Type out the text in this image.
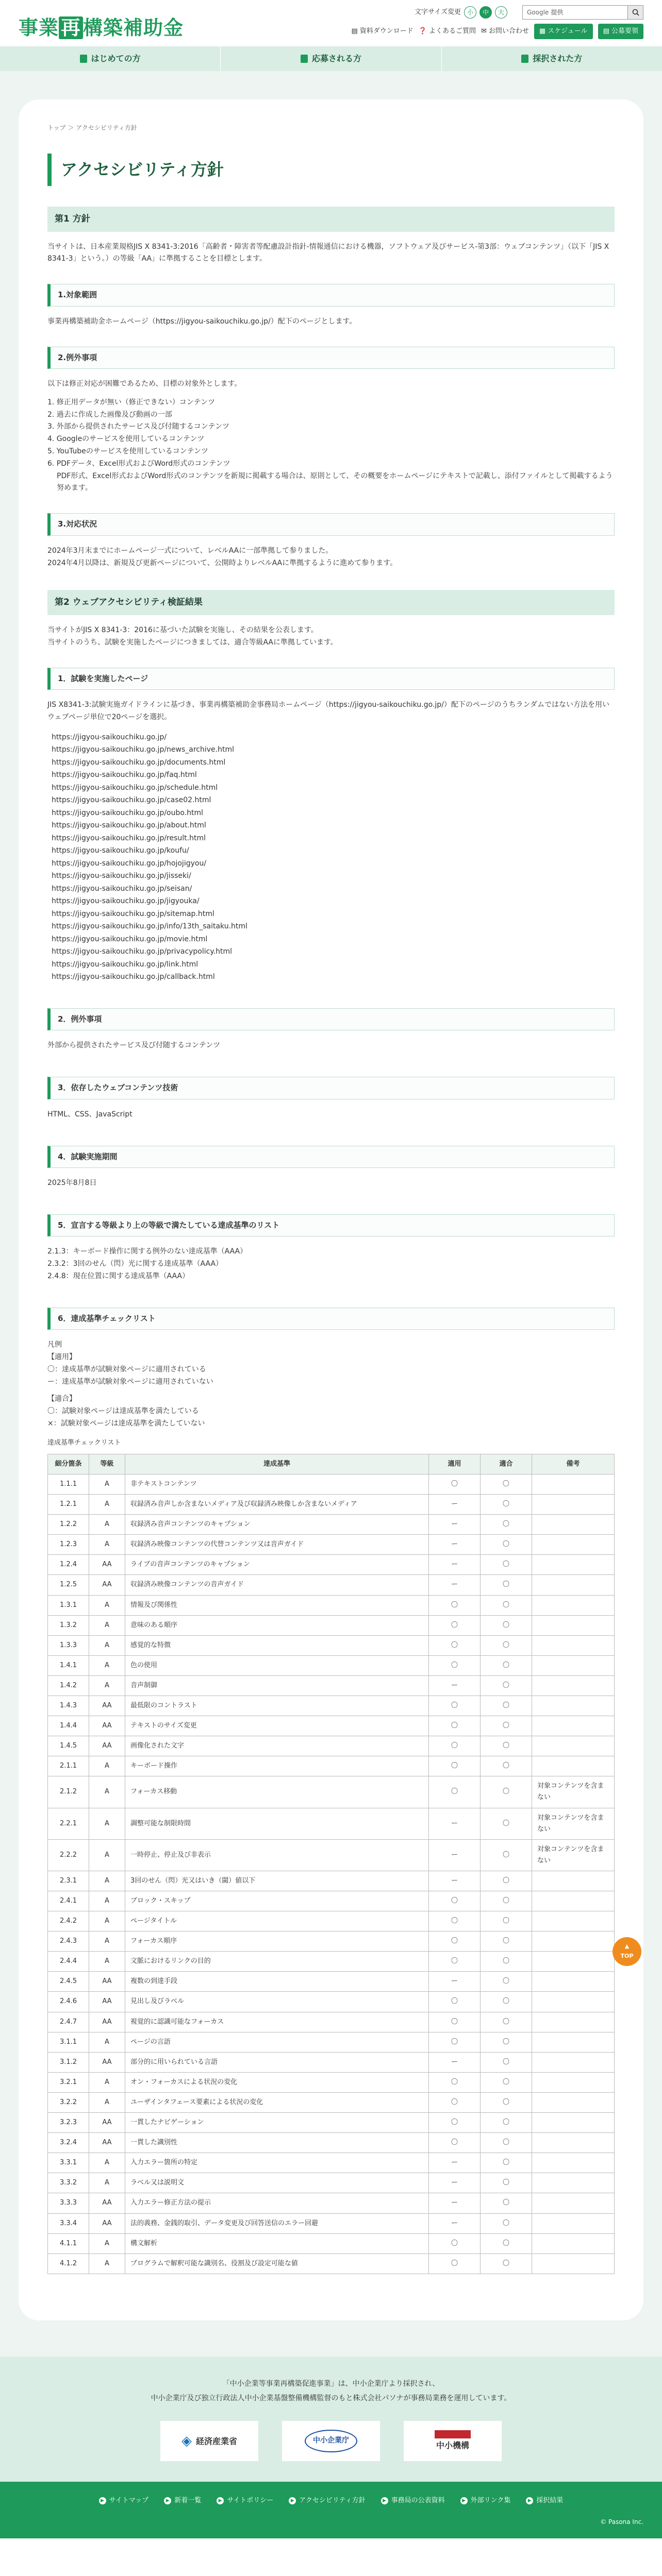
事業 再 構築補助金
文字サイズ変更 小	中	大	Google 提供
▤ 資料ダウンロード ❓ よくあるご質問 ✉ お問い合わせ	▦ スケジュール	▤ 公募要領
はじめての方	応募される方	採択された方
トップ ＞ アクセシビリティ方針
アクセシビリティ方針
第1 方針

当サイトは、日本産業規格JIS X 8341-3:2016「高齢者・障害者等配慮設計指針-情報通信における機器，ソフトウェア及びサービス-第3部：ウェブコンテンツ」（以下「JIS X 8341-3」という。）の等級「AA」に準拠することを目標とします。

1.対象範囲

事業再構築補助金ホームページ（https://jigyou-saikouchiku.go.jp/）配下のページとします。

2.例外事項

以下は修正対応が困難であるため、目標の対象外とします。

1. 修正用データが無い（修正できない）コンテンツ
2. 過去に作成した画像及び動画の一部
3. 外部から提供されたサービス及び付随するコンテンツ
4. Googleのサービスを使用しているコンテンツ
5. YouTubeのサービスを使用しているコンテンツ
6. PDFデータ、Excel形式およびWord形式のコンテンツ
PDF形式、Excel形式およびWord形式のコンテンツを新規に掲載する場合は、原則として、その概要をホームページにテキストで記載し、添付ファイルとして掲載するよう努めます。
3.対応状況
2024年3月末までにホームページ一式について、レベルAAに一部準拠して参りました。
2024年4月以降は、新規及び更新ページについて、公開時よりレベルAAに準拠するように進めて参ります。
第2 ウェブアクセシビリティ検証結果
当サイトがJIS X 8341-3：2016に基づいた試験を実施し、その結果を公表します。
当サイトのうち、試験を実施したページにつきましては、適合等級AAに準拠しています。
1．試験を実施したページ

JIS X8341-3:試験実施ガイドラインに基づき、事業再構築補助金事務局ホームページ（https://jigyou-saikouchiku.go.jp/）配下のページのうちランダムではない方法を用いウェブページ単位で20ページを選択。

https://jigyou-saikouchiku.go.jp/
https://jigyou-saikouchiku.go.jp/news_archive.html
https://jigyou-saikouchiku.go.jp/documents.html
https://jigyou-saikouchiku.go.jp/faq.html
https://jigyou-saikouchiku.go.jp/schedule.html
https://jigyou-saikouchiku.go.jp/case02.html
https://jigyou-saikouchiku.go.jp/oubo.html
https://jigyou-saikouchiku.go.jp/about.html
https://jigyou-saikouchiku.go.jp/result.html
https://jigyou-saikouchiku.go.jp/koufu/
https://jigyou-saikouchiku.go.jp/hojojigyou/
https://jigyou-saikouchiku.go.jp/jisseki/
https://jigyou-saikouchiku.go.jp/seisan/
https://jigyou-saikouchiku.go.jp/jigyouka/
https://jigyou-saikouchiku.go.jp/sitemap.html
https://jigyou-saikouchiku.go.jp/info/13th_saitaku.html
https://jigyou-saikouchiku.go.jp/movie.html
https://jigyou-saikouchiku.go.jp/privacypolicy.html
https://jigyou-saikouchiku.go.jp/link.html
https://jigyou-saikouchiku.go.jp/callback.html
2．例外事項

外部から提供されたサービス及び付随するコンテンツ

3．依存したウェブコンテンツ技術

HTML、CSS、JavaScript

4．試験実施期間

2025年8月8日

5．宣言する等級より上の等級で満たしている達成基準のリスト
2.1.3：キーボード操作に関する例外のない達成基準（AAA）
2.3.2：3回のせん（閃）光に関する達成基準（AAA）
2.4.8：現在位置に関する達成基準（AAA）
6．達成基準チェックリスト
凡例
【適用】
〇：達成基準が試験対象ページに適用されている
ー：達成基準が試験対象ページに適用されていない
【適合】
〇：試験対象ページは達成基準を満たしている
×：試験対象ページは達成基準を満たしていない
達成基準チェックリスト
細分箇条	等級	達成基準	適用	適合	備考
1.1.1	A	非テキストコンテンツ	〇	〇	
1.2.1	A	収録済み音声しか含まないメディア及び収録済み映像しか含まないメディア	ー	〇	
1.2.2	A	収録済み音声コンテンツのキャプション	ー	〇	
1.2.3	A	収録済み映像コンテンツの代替コンテンツ又は音声ガイド	ー	〇	
1.2.4	AA	ライブの音声コンテンツのキャプション	ー	〇	
1.2.5	AA	収録済み映像コンテンツの音声ガイド	ー	〇	
1.3.1	A	情報及び関係性	〇	〇	
1.3.2	A	意味のある順序	〇	〇	
1.3.3	A	感覚的な特徴	〇	〇	
1.4.1	A	色の使用	〇	〇	
1.4.2	A	音声制御	ー	〇	
1.4.3	AA	最低限のコントラスト	〇	〇	
1.4.4	AA	テキストのサイズ変更	〇	〇	
1.4.5	AA	画像化された文字	〇	〇	
2.1.1	A	キーボード操作	〇	〇	
2.1.2	A	フォーカス移動	〇	〇	対象コンテンツを含まない
2.2.1	A	調整可能な制限時間	ー	〇	対象コンテンツを含まない
2.2.2	A	一時停止、停止及び非表示	ー	〇	対象コンテンツを含まない
2.3.1	A	3回のせん（閃）光又はいき（閾）値以下	ー	〇	
2.4.1	A	ブロック・スキップ	〇	〇	
2.4.2	A	ページタイトル	〇	〇	
2.4.3	A	フォーカス順序	〇	〇	
2.4.4	A	文脈におけるリンクの目的	〇	〇	
2.4.5	AA	複数の到達手段	ー	〇	
2.4.6	AA	見出し及びラベル	〇	〇	
2.4.7	AA	視覚的に認識可能なフォーカス	〇	〇	
3.1.1	A	ページの言語	〇	〇	
3.1.2	AA	部分的に用いられている言語	ー	〇	
3.2.1	A	オン・フォーカスによる状況の変化	〇	〇	
3.2.2	A	ユーザインタフェース要素による状況の変化	〇	〇	
3.2.3	AA	一貫したナビゲーション	〇	〇	
3.2.4	AA	一貫した識別性	〇	〇	
3.3.1	A	入力エラー箇所の特定	ー	〇	
3.3.2	A	ラベル又は説明文	ー	〇	
3.3.3	AA	入力エラー修正方法の提示	ー	〇	
3.3.4	AA	法的義務、金銭的取引、データ変更及び回答送信のエラー回避	ー	〇	
4.1.1	A	構文解析	〇	〇	
4.1.2	A	プログラムで解釈可能な識別名、役割及び設定可能な値	〇	〇	
▲
TOP

「中小企業等事業再構築促進事業」は、中小企業庁より採択され、

中小企業庁及び独立行政法人中小企業基盤整備機構監督のもと株式会社パソナが事務局業務を運用しています。

◈ 経済産業省	中小企業庁	中小機構
▶ サイトマップ	▶ 新着一覧	▶ サイトポリシー	▶ アクセシビリティ方針	▶ 事務局の公表資料	▶ 外部リンク集	▶ 採択結果
© Pasona Inc.
